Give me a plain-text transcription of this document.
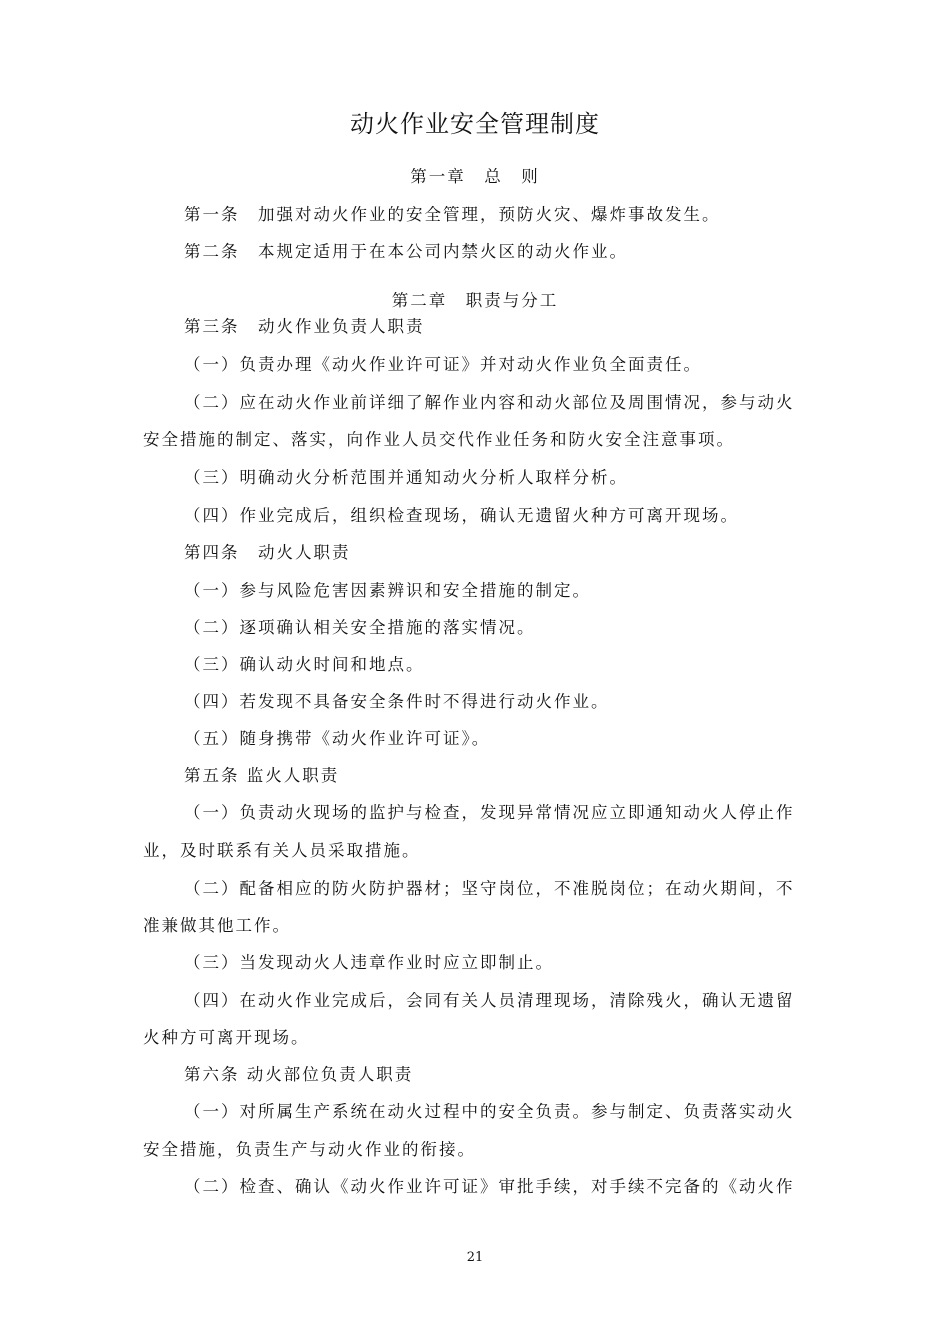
动火作业安全管理制度
第一章　总　则
第一条　加强对动火作业的安全管理，预防火灾、爆炸事故发生。
第二条　本规定适用于在本公司内禁火区的动火作业。
第二章　职责与分工
第三条　动火作业负责人职责
（一）负责办理《动火作业许可证》并对动火作业负全面责任。
（二）应在动火作业前详细了解作业内容和动火部位及周围情况，参与动火
安全措施的制定、落实，向作业人员交代作业任务和防火安全注意事项。
（三）明确动火分析范围并通知动火分析人取样分析。
（四）作业完成后，组织检查现场，确认无遗留火种方可离开现场。
第四条　动火人职责
（一）参与风险危害因素辨识和安全措施的制定。
（二）逐项确认相关安全措施的落实情况。
（三）确认动火时间和地点。
（四）若发现不具备安全条件时不得进行动火作业。
（五）随身携带《动火作业许可证》。
第五条 监火人职责
（一）负责动火现场的监护与检查，发现异常情况应立即通知动火人停止作
业，及时联系有关人员采取措施。
（二）配备相应的防火防护器材；坚守岗位，不准脱岗位；在动火期间，不
准兼做其他工作。
（三）当发现动火人违章作业时应立即制止。
（四）在动火作业完成后，会同有关人员清理现场，清除残火，确认无遗留
火种方可离开现场。
第六条 动火部位负责人职责
（一）对所属生产系统在动火过程中的安全负责。参与制定、负责落实动火
安全措施，负责生产与动火作业的衔接。
（二）检查、确认《动火作业许可证》审批手续，对手续不完备的《动火作
21
